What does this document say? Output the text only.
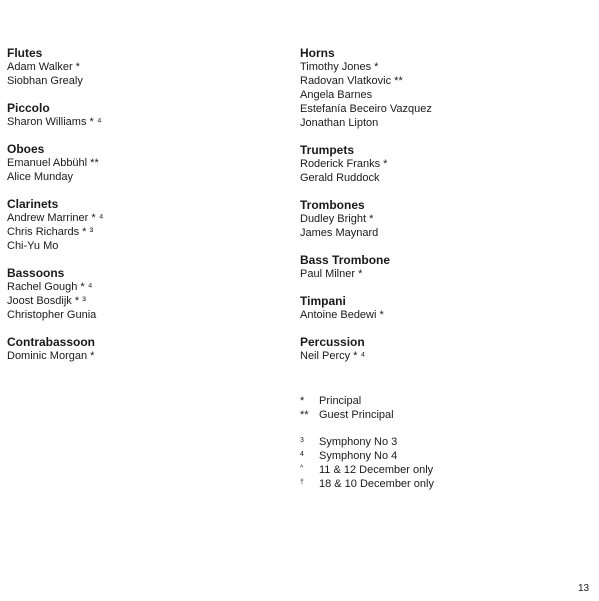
Flutes
Adam Walker *
Siobhan Grealy
Piccolo
Sharon Williams * ⁴
Oboes
Emanuel Abbühl **
Alice Munday
Clarinets
Andrew Marriner * ⁴
Chris Richards * ³
Chi-Yu Mo
Bassoons
Rachel Gough * ⁴
Joost Bosdijk * ³
Christopher Gunia
Contrabassoon
Dominic Morgan *
Horns
Timothy Jones *
Radovan Vlatkovic **
Angela Barnes
Estefanía Beceiro Vazquez
Jonathan Lipton
Trumpets
Roderick Franks *
Gerald Ruddock
Trombones
Dudley Bright *
James Maynard
Bass Trombone
Paul Milner *
Timpani
Antoine Bedewi *
Percussion
Neil Percy * ⁴
*	Principal
** Guest Principal
3	Symphony No 3
4	Symphony No 4
^	11 & 12 December only
†	18 & 10 December only
13
